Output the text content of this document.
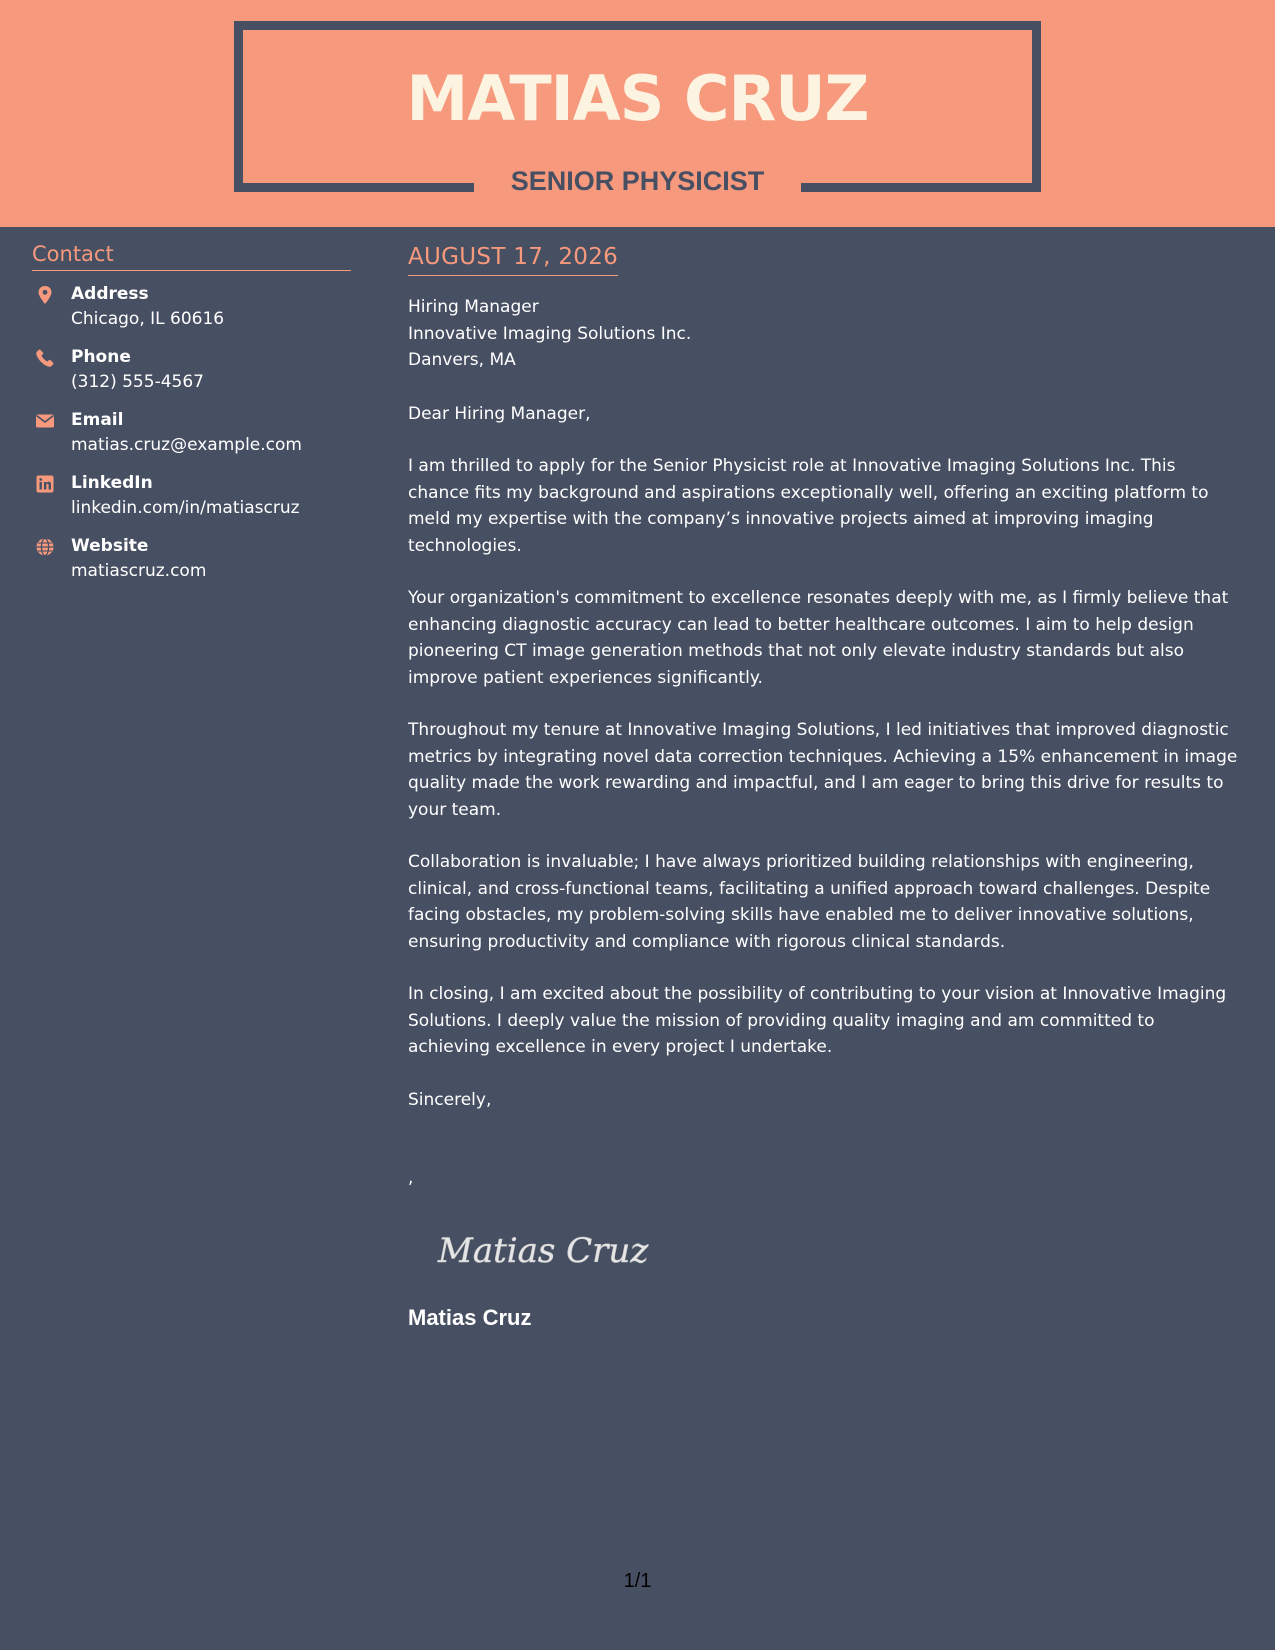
MATIAS CRUZ
SENIOR PHYSICIST
Contact
Address
Chicago, IL 60616
Phone
(312) 555-4567
Email
matias.cruz@example.com
LinkedIn
linkedin.com/in/matiascruz
Website
matiascruz.com
AUGUST 17, 2026
Hiring Manager
Innovative Imaging Solutions Inc.
Danvers, MA
Dear Hiring Manager,

I am thrilled to apply for the Senior Physicist role at Innovative Imaging Solutions Inc. This chance fits my background and aspirations exceptionally well, offering an exciting platform to meld my expertise with the company’s innovative projects aimed at improving imaging technologies.

Your organization's commitment to excellence resonates deeply with me, as I firmly believe that enhancing diagnostic accuracy can lead to better healthcare outcomes. I aim to help design pioneering CT image generation methods that not only elevate industry standards but also improve patient experiences significantly.

Throughout my tenure at Innovative Imaging Solutions, I led initiatives that improved diagnostic metrics by integrating novel data correction techniques. Achieving a 15% enhancement in image quality made the work rewarding and impactful, and I am eager to bring this drive for results to your team.

Collaboration is invaluable; I have always prioritized building relationships with engineering, clinical, and cross-functional teams, facilitating a unified approach toward challenges. Despite facing obstacles, my problem-solving skills have enabled me to deliver innovative solutions, ensuring productivity and compliance with rigorous clinical standards.

In closing, I am excited about the possibility of contributing to your vision at Innovative Imaging Solutions. I deeply value the mission of providing quality imaging and am committed to achieving excellence in every project I undertake.

Sincerely,
,
Matias Cruz
Matias Cruz
1/1
